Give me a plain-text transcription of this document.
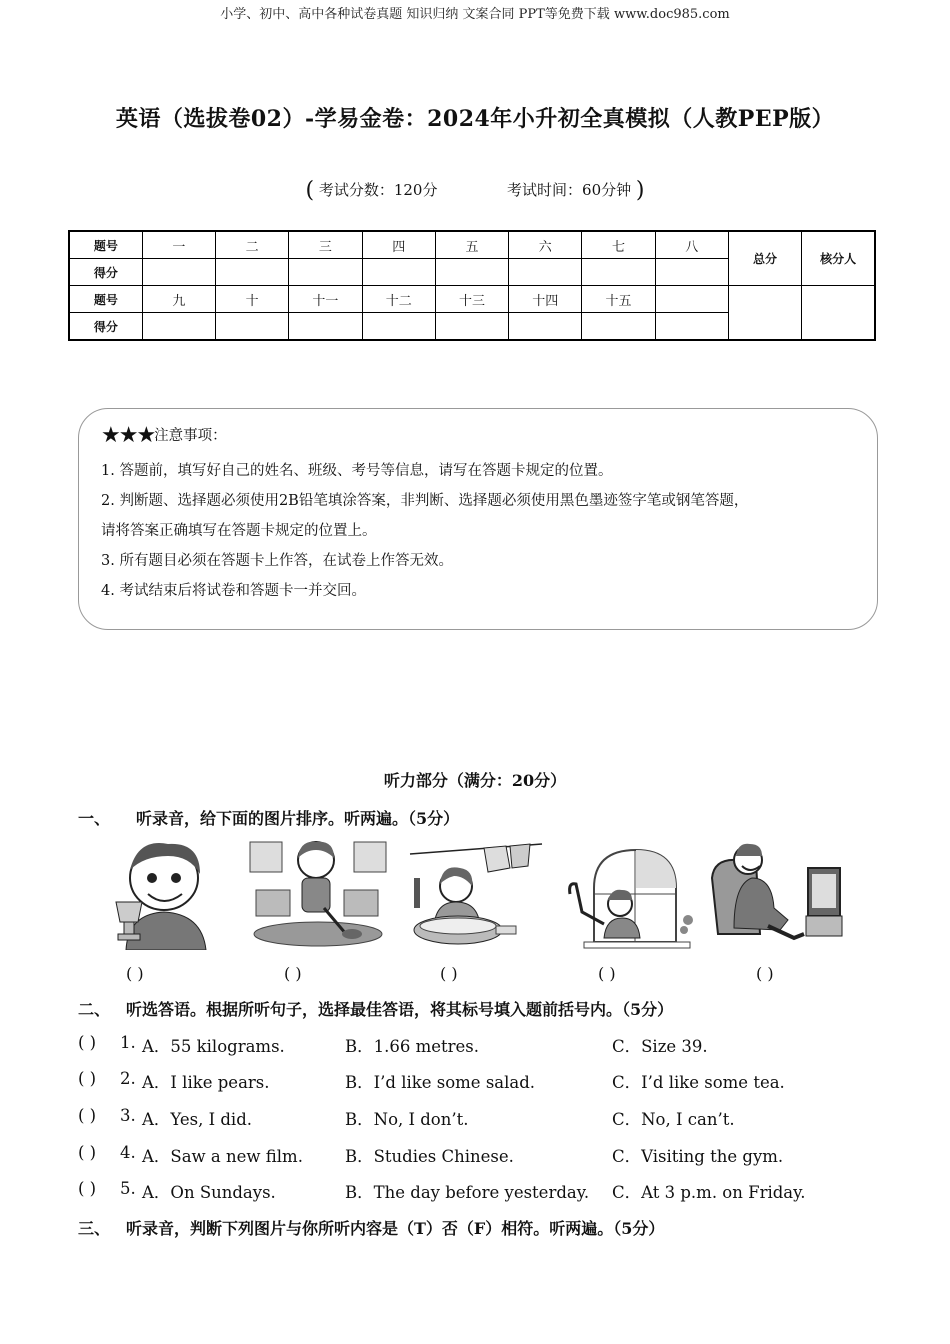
小学、初中、高中各种试卷真题 知识归纳 文案合同 PPT等免费下载 www.doc985.com
英语（选拔卷02）-学易金卷：2024年小升初全真模拟（人教PEP版）
( 考试分数：120分	考试时间：60分钟 )
题号	一	二	三	四	五	六	七	八	总分	核分人
得分										
题号	九	十	十一	十二	十三	十四	十五			
得分										
★★★注意事项：
1. 答题前，填写好自己的姓名、班级、考号等信息，请写在答题卡规定的位置。
2. 判断题、选择题必须使用2B铅笔填涂答案，非判断、选择题必须使用黑色墨迹签字笔或钢笔答题，
请将答案正确填写在答题卡规定的位置上。
3. 所有题目必须在答题卡上作答，在试卷上作答无效。
4. 考试结束后将试卷和答题卡一并交回。
听力部分（满分：20分）
一、 听录音，给下面的图片排序。听两遍。（5分）
( )	( )	( )	( )	( )
二、 听选答语。根据所听句子，选择最佳答语，将其标号填入题前括号内。（5分）
( ) 1. A．55 kilograms.	B．1.66 metres.	C．Size 39.
( ) 2. A．I like pears.	B．I’d like some salad.	C．I’d like some tea.
( ) 3. A．Yes, I did.	B．No, I don’t.	C．No, I can’t.
( ) 4. A．Saw a new film.	B．Studies Chinese.	C．Visiting the gym.
( ) 5. A．On Sundays.	B．The day before yesterday. C．At 3 p.m. on Friday.
三、 听录音，判断下列图片与你所听内容是（T）否（F）相符。听两遍。（5分）
